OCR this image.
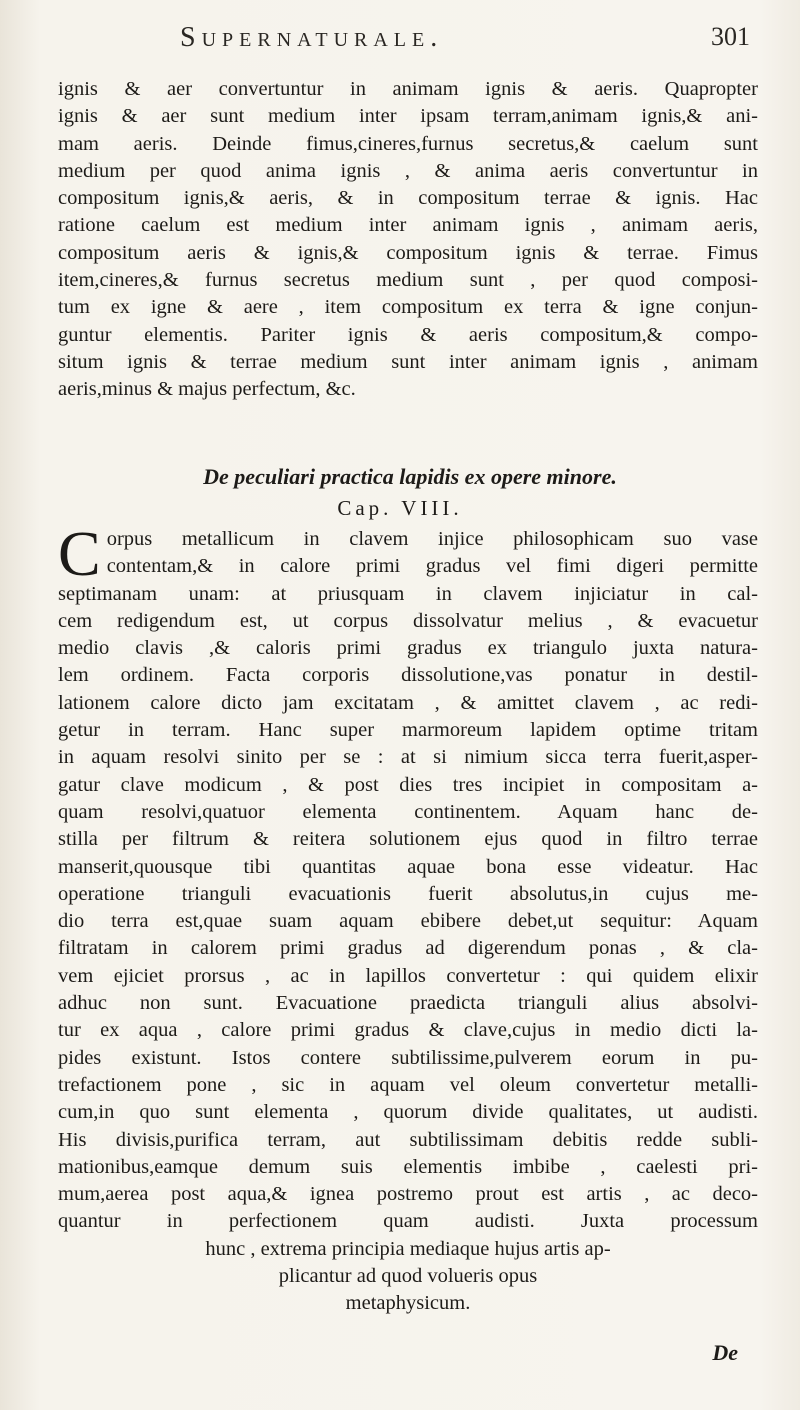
Supernaturale.	301
ignis & aer convertuntur in animam ignis & aeris. Quapropter
ignis & aer sunt medium inter ipsam terram,animam ignis,& ani-
mam aeris. Deinde fimus,cineres,furnus secretus,& caelum sunt
medium per quod anima ignis , & anima aeris convertuntur in
compositum ignis,& aeris, & in compositum terrae & ignis. Hac
ratione caelum est medium inter animam ignis , animam aeris,
compositum aeris & ignis,& compositum ignis & terrae. Fimus
item,cineres,& furnus secretus medium sunt , per quod composi-
tum ex igne & aere , item compositum ex terra & igne conjun-
guntur elementis. Pariter ignis & aeris compositum,& compo-
situm ignis & terrae medium sunt inter animam ignis , animam
aeris,minus & majus perfectum, &c.
De peculiari practica lapidis ex opere minore.
Cap. VIII.
C orpus metallicum in clavem injice philosophicam suo vase
contentam,& in calore primi gradus vel fimi digeri permitte
septimanam unam: at priusquam in clavem injiciatur in cal-
cem redigendum est, ut corpus dissolvatur melius , & evacuetur
medio clavis ,& caloris primi gradus ex triangulo juxta natura-
lem ordinem. Facta corporis dissolutione,vas ponatur in destil-
lationem calore dicto jam excitatam , & amittet clavem , ac redi-
getur in terram. Hanc super marmoreum lapidem optime tritam
in aquam resolvi sinito per se : at si nimium sicca terra fuerit,asper-
gatur clave modicum , & post dies tres incipiet in compositam a-
quam resolvi,quatuor elementa continentem. Aquam hanc de-
stilla per filtrum & reitera solutionem ejus quod in filtro terrae
manserit,quousque tibi quantitas aquae bona esse videatur. Hac
operatione trianguli evacuationis fuerit absolutus,in cujus me-
dio terra est,quae suam aquam ebibere debet,ut sequitur: Aquam
filtratam in calorem primi gradus ad digerendum ponas , & cla-
vem ejiciet prorsus , ac in lapillos convertetur : qui quidem elixir
adhuc non sunt. Evacuatione praedicta trianguli alius absolvi-
tur ex aqua , calore primi gradus & clave,cujus in medio dicti la-
pides existunt. Istos contere subtilissime,pulverem eorum in pu-
trefactionem pone , sic in aquam vel oleum convertetur metalli-
cum,in quo sunt elementa , quorum divide qualitates, ut audisti.
His divisis,purifica terram, aut subtilissimam debitis redde subli-
mationibus,eamque demum suis elementis imbibe , caelesti pri-
mum,aerea post aqua,& ignea postremo prout est artis , ac deco-
quantur in perfectionem quam audisti. Juxta processum
hunc , extrema principia mediaque hujus artis ap-
plicantur ad quod volueris opus
metaphysicum.
De
